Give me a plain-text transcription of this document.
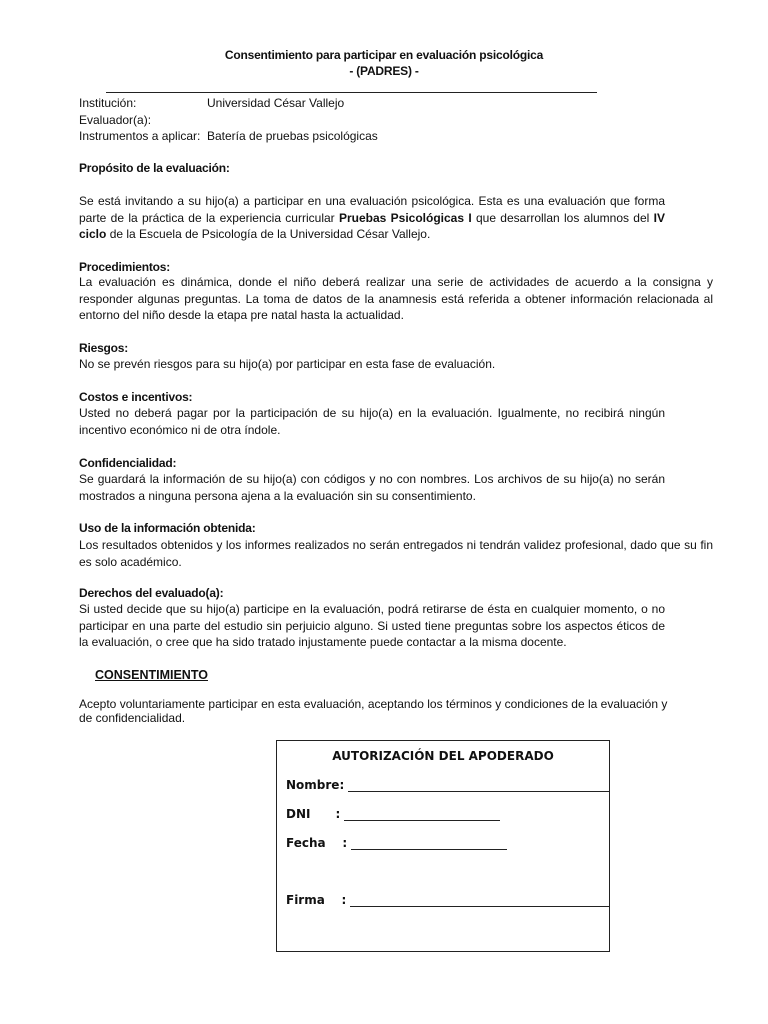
Consentimiento para participar en evaluación psicológica
- (PADRES) -
Institución:	Universidad César Vallejo
Evaluador(a):
Instrumentos a aplicar: Batería de pruebas psicológicas
Propósito de la evaluación:
Se está invitando a su hijo(a) a participar en una evaluación psicológica. Esta es una evaluación que forma parte de la práctica de la experiencia curricular Pruebas Psicológicas I que desarrollan los alumnos del IV ciclo de la Escuela de Psicología de la Universidad César Vallejo.
Procedimientos:
La evaluación es dinámica, donde el niño deberá realizar una serie de actividades de acuerdo a la consigna y responder algunas preguntas. La toma de datos de la anamnesis está referida a obtener información relacionada al entorno del niño desde la etapa pre natal hasta la actualidad.
Riesgos:
No se prevén riesgos para su hijo(a) por participar en esta fase de evaluación.
Costos e incentivos:
Usted no deberá pagar por la participación de su hijo(a) en la evaluación. Igualmente, no recibirá ningún incentivo económico ni de otra índole.
Confidencialidad:
Se guardará la información de su hijo(a) con códigos y no con nombres. Los archivos de su hijo(a) no serán mostrados a ninguna persona ajena a la evaluación sin su consentimiento.
Uso de la información obtenida:
Los resultados obtenidos y los informes realizados no serán entregados ni tendrán validez profesional, dado que su fin es solo académico.
Derechos del evaluado(a):
Si usted decide que su hijo(a) participe en la evaluación, podrá retirarse de ésta en cualquier momento, o no participar en una parte del estudio sin perjuicio alguno. Si usted tiene preguntas sobre los aspectos éticos de la evaluación, o cree que ha sido tratado injustamente puede contactar a la misma docente.
CONSENTIMIENTO
Acepto voluntariamente participar en esta evaluación, aceptando los términos y condiciones de la evaluación y de confidencialidad.
AUTORIZACIÓN DEL APODERADO
Nombre:
DNI      :
Fecha    :
Firma    :
